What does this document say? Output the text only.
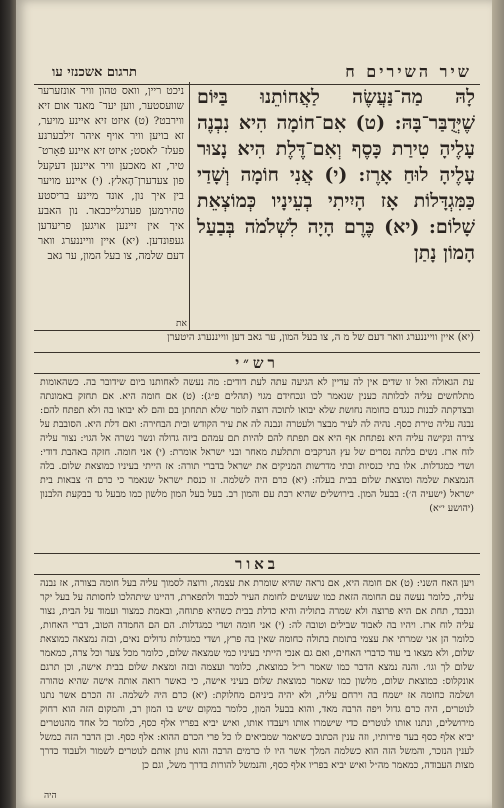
תרגום אשכנזי עו	שיר השירים ח
לָהּ מַה־נַּעֲשֶׂה לַאֲחוֹתֵנוּ בַּיּוֹם שֶׁיְּדֻבַּר־בָּהּ: (ט) אִם־חוֹמָה הִיא נִבְנֶה עָלֶיהָ טִירַת כָּסֶף וְאִם־דֶּלֶת הִיא נָצוּר עָלֶיהָ לוּחַ אָרֶז: (י) אֲנִי חוֹמָה וְשָׁדַי כַּמִּגְדָּלוֹת אָז הָיִיתִי בְעֵינָיו כְּמוֹצְאֵת שָׁלוֹם: (יא) כֶּרֶם הָיָה לִשְׁלֹמֹה בְּבַעַל הָמוֹן נָתַן
ניכט ריין, וואס טהון וויר אונזערער שוועסטער, ווען יעד־ מאנד אום זיא ווירבט? (ט) איזט זיא איינע מויער, זא בויען וויר אויף איהר זילבערנע פעלז־ לאסט; איזט זיא איינע פֿאָרט־ טיר, זא מאכען וויר איינען דעקעל פון צעדערן־הָאלץ. (י) איינע מויער בין איך נון, אונד מיינע בריסטע טהירמען פערגלייכבאר. נון האבע איך אין זיינען אויגען פריעדען געפונדען. (יא) איין ווייננערג וואר דעם שלמה, צו בעל המון, ער גאב
את
(יא) איין ווייננערג וואר דעם של מ ה, צו בעל המון, ער גאב דען ווייננערג היטערן
רש״י
עת הגאולה ואל זו שדים אין לה עדיין לא הגיעה עתה לעת דודים: מה נעשה לאחותנו ביום שידובר בה. כשהאומות מתלחשים עליה לכלותה כענין שנאמר לכו ונכחידם מגוי (תהלים פ״ג): (ט) אם חומה היא. אם תחזק באמונתה ובצדקתה לבנות כנגדם כחומה נחושת שלא יבואו לתוכה רוצה לומר שלא תתחתן בם והם לא יבואו בה ולא תפתח להם: נבנה עליה טירת כסף. נהיה לה לעיר מבצר ולעטרה ונבנה לה את עיר הקודש ובית הבחירה: ואם דלת היא. הסובבת על צירה ונקישה עליה היא נפתחת אף היא אם תפתח להם להיות תם עמהם ביזה גדולה ונשר נשרה אל הגוי: נצור עליה לוח ארז. נשים בלתה נסרים של עץ הנרקבים ותתלעת מאחר ובני ישראל אומרת: (י) אני חומה. חזקה באהבת דודי: ושדי כמגדלות. אלו בתי כנסיות ובתי מדרשות המניקים את ישראל בדברי תורה: אז הייתי בעיניו כמוצאת שלום. בלה הנמצאת שלמה ומוצאת שלום בבית בעלה: (יא) כרם היה לשלמה. זו כנסת ישראל שנאמר כי כרם ה׳ צבאות בית ישראל (ישעיה ה׳): בבעל המון. בירושלים שהיא רבת עם והמון רב. בעל בעל המון מלשון כמו מבעל גד בבקעת הלבנון (יהושע י״א)
באור
ויען האח השני: (ט) אם חומה היא, אם נראה שהיא שומרת את עצמה, ורוצה לסמוך עליה בעל חומה בצורה, אז נבנה עליה, כלומר נעשה עם החומה הזאת כמו שעושים לחומת העיר לכבוד ולתפארת, דהיינו שיתהלכו לחסותה על בעל יקר ונכבד, תחת אם היא פרוצה ולא שמרה בתוליה והיא כדלת בבית כשהיא פתוחה, ובאמת כמצור ועמוד על הבית, נצור עליה לוח ארז. ויהיו בה לאבוד שבילים וטובה לה: (י) אני חומה ושדי כמגדלות. הם הם החמדה הטוב, דברי האחות, כלומר הן אני שמרתי את עצמי בתומת בתולה כחומה שאין בה פרץ, ושדי כמגדלות גדולים נאים, ובזה נמצאה כמוצאת שלום, ולא מצאו בי עוד כדברי האחים, ואם גם אנכי הייתי בעיניו כמי שמצאה שלום, כלומר מכל צער וכל צרה, כמאמר שלום לך וגו׳. והנה נמצא הדבר כמו שאמר ר״ל כמוצאת, כלומר ועצמה ובזה ומצאת שלום בבית אישה, וכן תרגם אונקלוס: כמוצאת שלום, מלשון כמו שאמר כמוצאת שלום בעיני אישה, כי כאשר רואה אותה אישה שהיא טהורה ושלמה כחומה אז ישמח בה וירחם עליה, ולא יהיה ביניהם מחלוקת: (יא) כרם היה לשלמה. זה הכרם אשר נתנו לנוטרים, היה כרם גדול ויפה הרבה מאד, והוא בבעל המון, כלומר במקום שיש בו המון רב, והמקום הזה הוא רחוק מירושלים, ונתנו אותו לנוטרים כדי שישמרו אותו ויעבדו אותו, ואיש יביא בפריו אלף כסף, כלומר כל אחד מהנוטרים יביא אלף כסף בעד פירותיו, וזה ענין הכתוב כשיאמר שמביאים לו כל פרי הכרם ההוא: אלף כסף. וכן הדבר הזה כמשל לענין הנזכר, והמשל הזה הוא כשלמה המלך אשר היו לו כרמים הרבה והוא נותן אותם לנוטרים לשמור ולעבוד כדרך מצות העבודה, כמאמר מה״ל ואיש יביא בפריו אלף כסף, והנמשל להורות בדרך משל, וגם כן
היה
